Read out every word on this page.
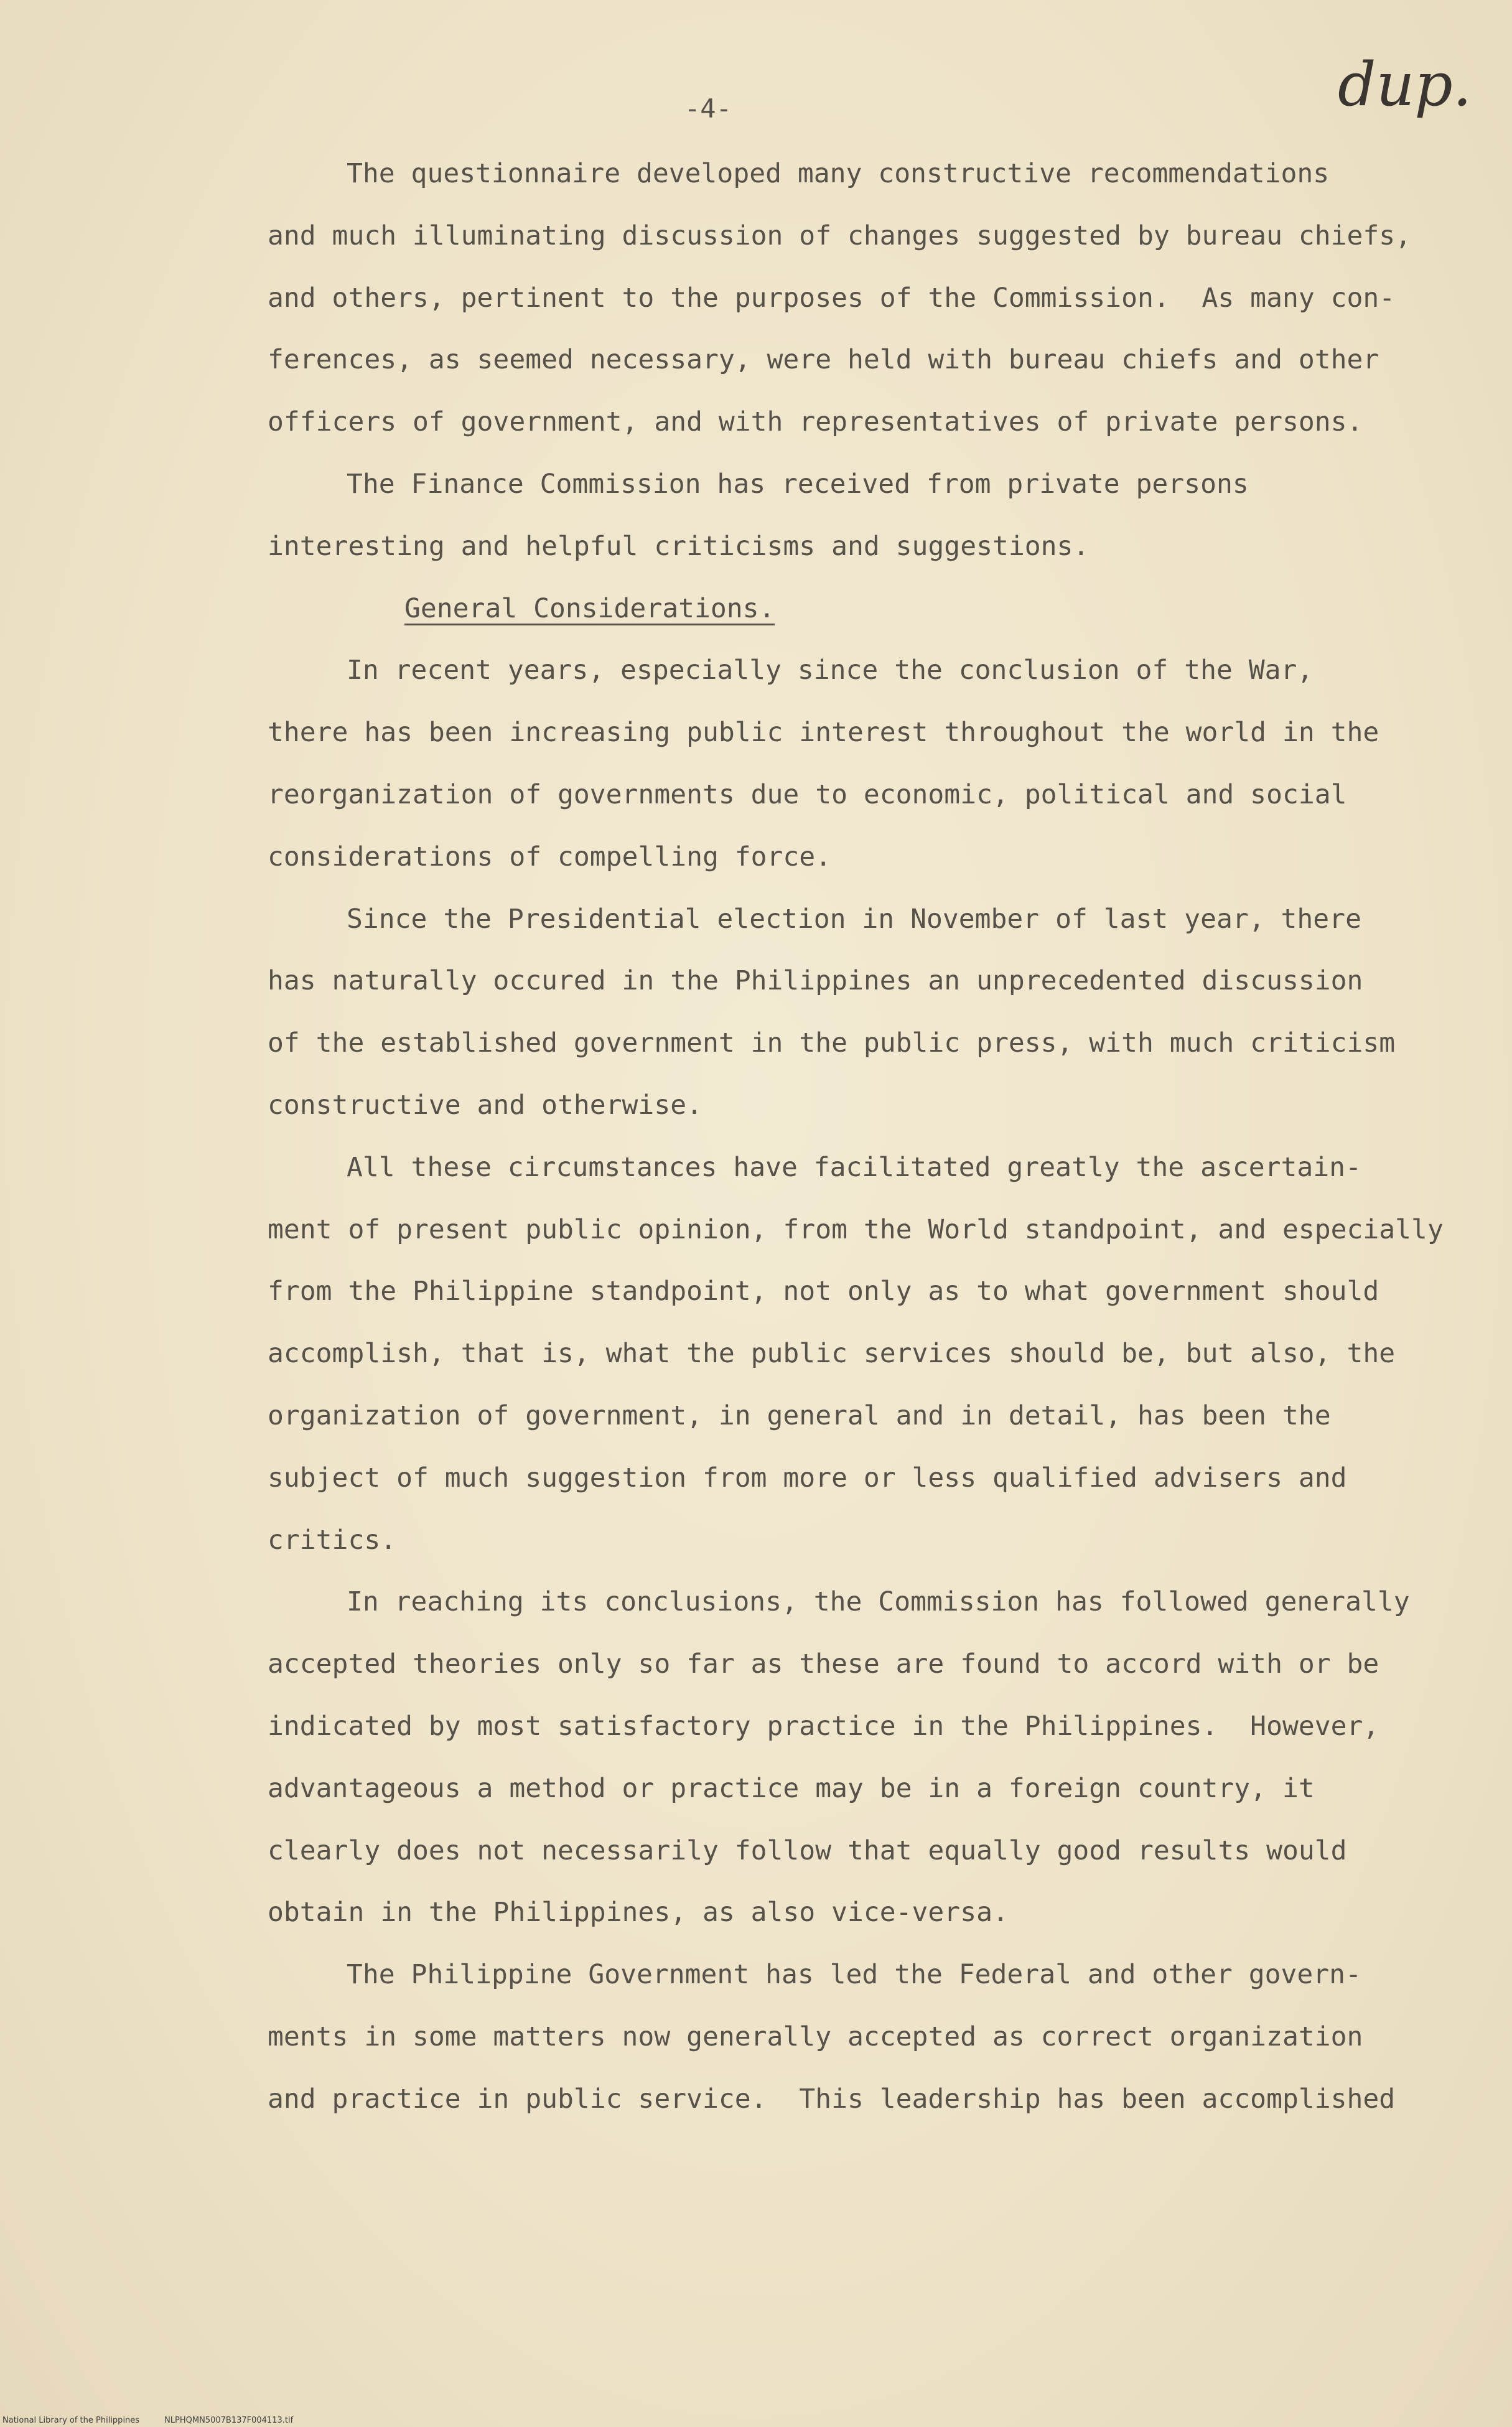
-4-	dup.
The questionnaire developed many constructive recommendations
and much illuminating discussion of changes suggested by bureau chiefs,
and others, pertinent to the purposes of the Commission.  As many con-
ferences, as seemed necessary, were held with bureau chiefs and other
officers of government, and with representatives of private persons.
The Finance Commission has received from private persons
interesting and helpful criticisms and suggestions.
General Considerations.
In recent years, especially since the conclusion of the War,
there has been increasing public interest throughout the world in the
reorganization of governments due to economic, political and social
considerations of compelling force.
Since the Presidential election in November of last year, there
has naturally occured in the Philippines an unprecedented discussion
of the established government in the public press, with much criticism
constructive and otherwise.
All these circumstances have facilitated greatly the ascertain-
ment of present public opinion, from the World standpoint, and especially
from the Philippine standpoint, not only as to what government should
accomplish, that is, what the public services should be, but also, the
organization of government, in general and in detail, has been the
subject of much suggestion from more or less qualified advisers and
critics.
In reaching its conclusions, the Commission has followed generally
accepted theories only so far as these are found to accord with or be
indicated by most satisfactory practice in the Philippines.  However,
advantageous a method or practice may be in a foreign country, it
clearly does not necessarily follow that equally good results would
obtain in the Philippines, as also vice-versa.
The Philippine Government has led the Federal and other govern-
ments in some matters now generally accepted as correct organization
and practice in public service.  This leadership has been accomplished
National Library of the Philippines	NLPHQMN5007B137F004113.tif
